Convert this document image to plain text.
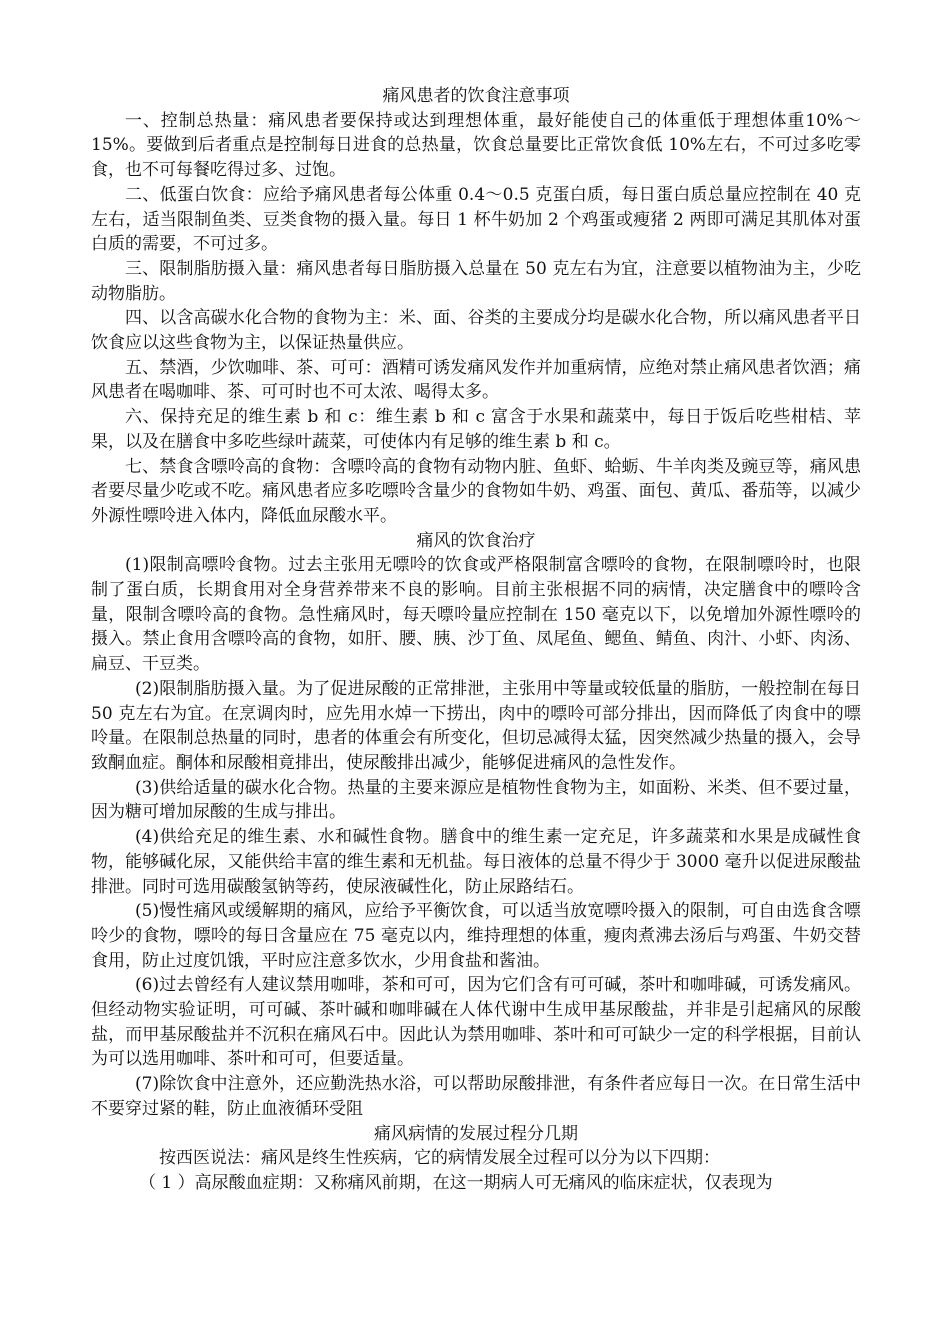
痛风患者的饮食注意事项

一、控制总热量：痛风患者要保持或达到理想体重，最好能使自己的体重低于理想体重10%～15%。要做到后者重点是控制每日进食的总热量，饮食总量要比正常饮食低 10%左右，不可过多吃零食，也不可每餐吃得过多、过饱。

二、低蛋白饮食：应给予痛风患者每公体重 0.4～0.5 克蛋白质，每日蛋白质总量应控制在 40 克左右，适当限制鱼类、豆类食物的摄入量。每日 1 杯牛奶加 2 个鸡蛋或瘦猪 2 两即可满足其肌体对蛋白质的需要，不可过多。

三、限制脂肪摄入量：痛风患者每日脂肪摄入总量在 50 克左右为宜，注意要以植物油为主，少吃动物脂肪。

四、以含高碳水化合物的食物为主：米、面、谷类的主要成分均是碳水化合物，所以痛风患者平日饮食应以这些食物为主，以保证热量供应。

五、禁酒，少饮咖啡、茶、可可：酒精可诱发痛风发作并加重病情，应绝对禁止痛风患者饮酒；痛风患者在喝咖啡、茶、可可时也不可太浓、喝得太多。

六、保持充足的维生素 b 和 c：维生素 b 和 c 富含于水果和蔬菜中，每日于饭后吃些柑桔、苹果，以及在膳食中多吃些绿叶蔬菜，可使体内有足够的维生素 b 和 c。

七、禁食含嘌呤高的食物：含嘌呤高的食物有动物内脏、鱼虾、蛤蛎、牛羊肉类及豌豆等，痛风患者要尽量少吃或不吃。痛风患者应多吃嘌呤含量少的食物如牛奶、鸡蛋、面包、黄瓜、番茄等，以减少外源性嘌呤进入体内，降低血尿酸水平。

痛风的饮食治疗

(1)限制高嘌呤食物。过去主张用无嘌呤的饮食或严格限制富含嘌呤的食物，在限制嘌呤时，也限制了蛋白质，长期食用对全身营养带来不良的影响。目前主张根据不同的病情，决定膳食中的嘌呤含量，限制含嘌呤高的食物。急性痛风时，每天嘌呤量应控制在 150 毫克以下，以免增加外源性嘌呤的摄入。禁止食用含嘌呤高的食物，如肝、腰、胰、沙丁鱼、凤尾鱼、鳃鱼、鲭鱼、肉汁、小虾、肉汤、扁豆、干豆类。

(2)限制脂肪摄入量。为了促进尿酸的正常排泄，主张用中等量或较低量的脂肪，一般控制在每日 50 克左右为宜。在烹调肉时，应先用水焯一下捞出，肉中的嘌呤可部分排出，因而降低了肉食中的嘌呤量。在限制总热量的同时，患者的体重会有所变化，但切忌减得太猛，因突然减少热量的摄入，会导致酮血症。酮体和尿酸相竟排出，使尿酸排出减少，能够促进痛风的急性发作。

(3)供给适量的碳水化合物。热量的主要来源应是植物性食物为主，如面粉、米类、但不要过量，因为糖可增加尿酸的生成与排出。

(4)供给充足的维生素、水和碱性食物。膳食中的维生素一定充足，许多蔬菜和水果是成碱性食物，能够碱化尿，又能供给丰富的维生素和无机盐。每日液体的总量不得少于 3000 毫升以促进尿酸盐排泄。同时可选用碳酸氢钠等药，使尿液碱性化，防止尿路结石。

(5)慢性痛风或缓解期的痛风，应给予平衡饮食，可以适当放宽嘌呤摄入的限制，可自由选食含嘌呤少的食物，嘌呤的每日含量应在 75 毫克以内，维持理想的体重，瘦肉煮沸去汤后与鸡蛋、牛奶交替食用，防止过度饥饿，平时应注意多饮水，少用食盐和酱油。

(6)过去曾经有人建议禁用咖啡，茶和可可，因为它们含有可可碱，茶叶和咖啡碱，可诱发痛风。但经动物实验证明，可可碱、茶叶碱和咖啡碱在人体代谢中生成甲基尿酸盐，并非是引起痛风的尿酸盐，而甲基尿酸盐并不沉积在痛风石中。因此认为禁用咖啡、茶叶和可可缺少一定的科学根据，目前认为可以选用咖啡、茶叶和可可，但要适量。

(7)除饮食中注意外，还应勤洗热水浴，可以帮助尿酸排泄，有条件者应每日一次。在日常生活中不要穿过紧的鞋，防止血液循环受阻

痛风病情的发展过程分几期

按西医说法：痛风是终生性疾病，它的病情发展全过程可以分为以下四期：

（ 1 ）高尿酸血症期：又称痛风前期，在这一期病人可无痛风的临床症状，仅表现为
